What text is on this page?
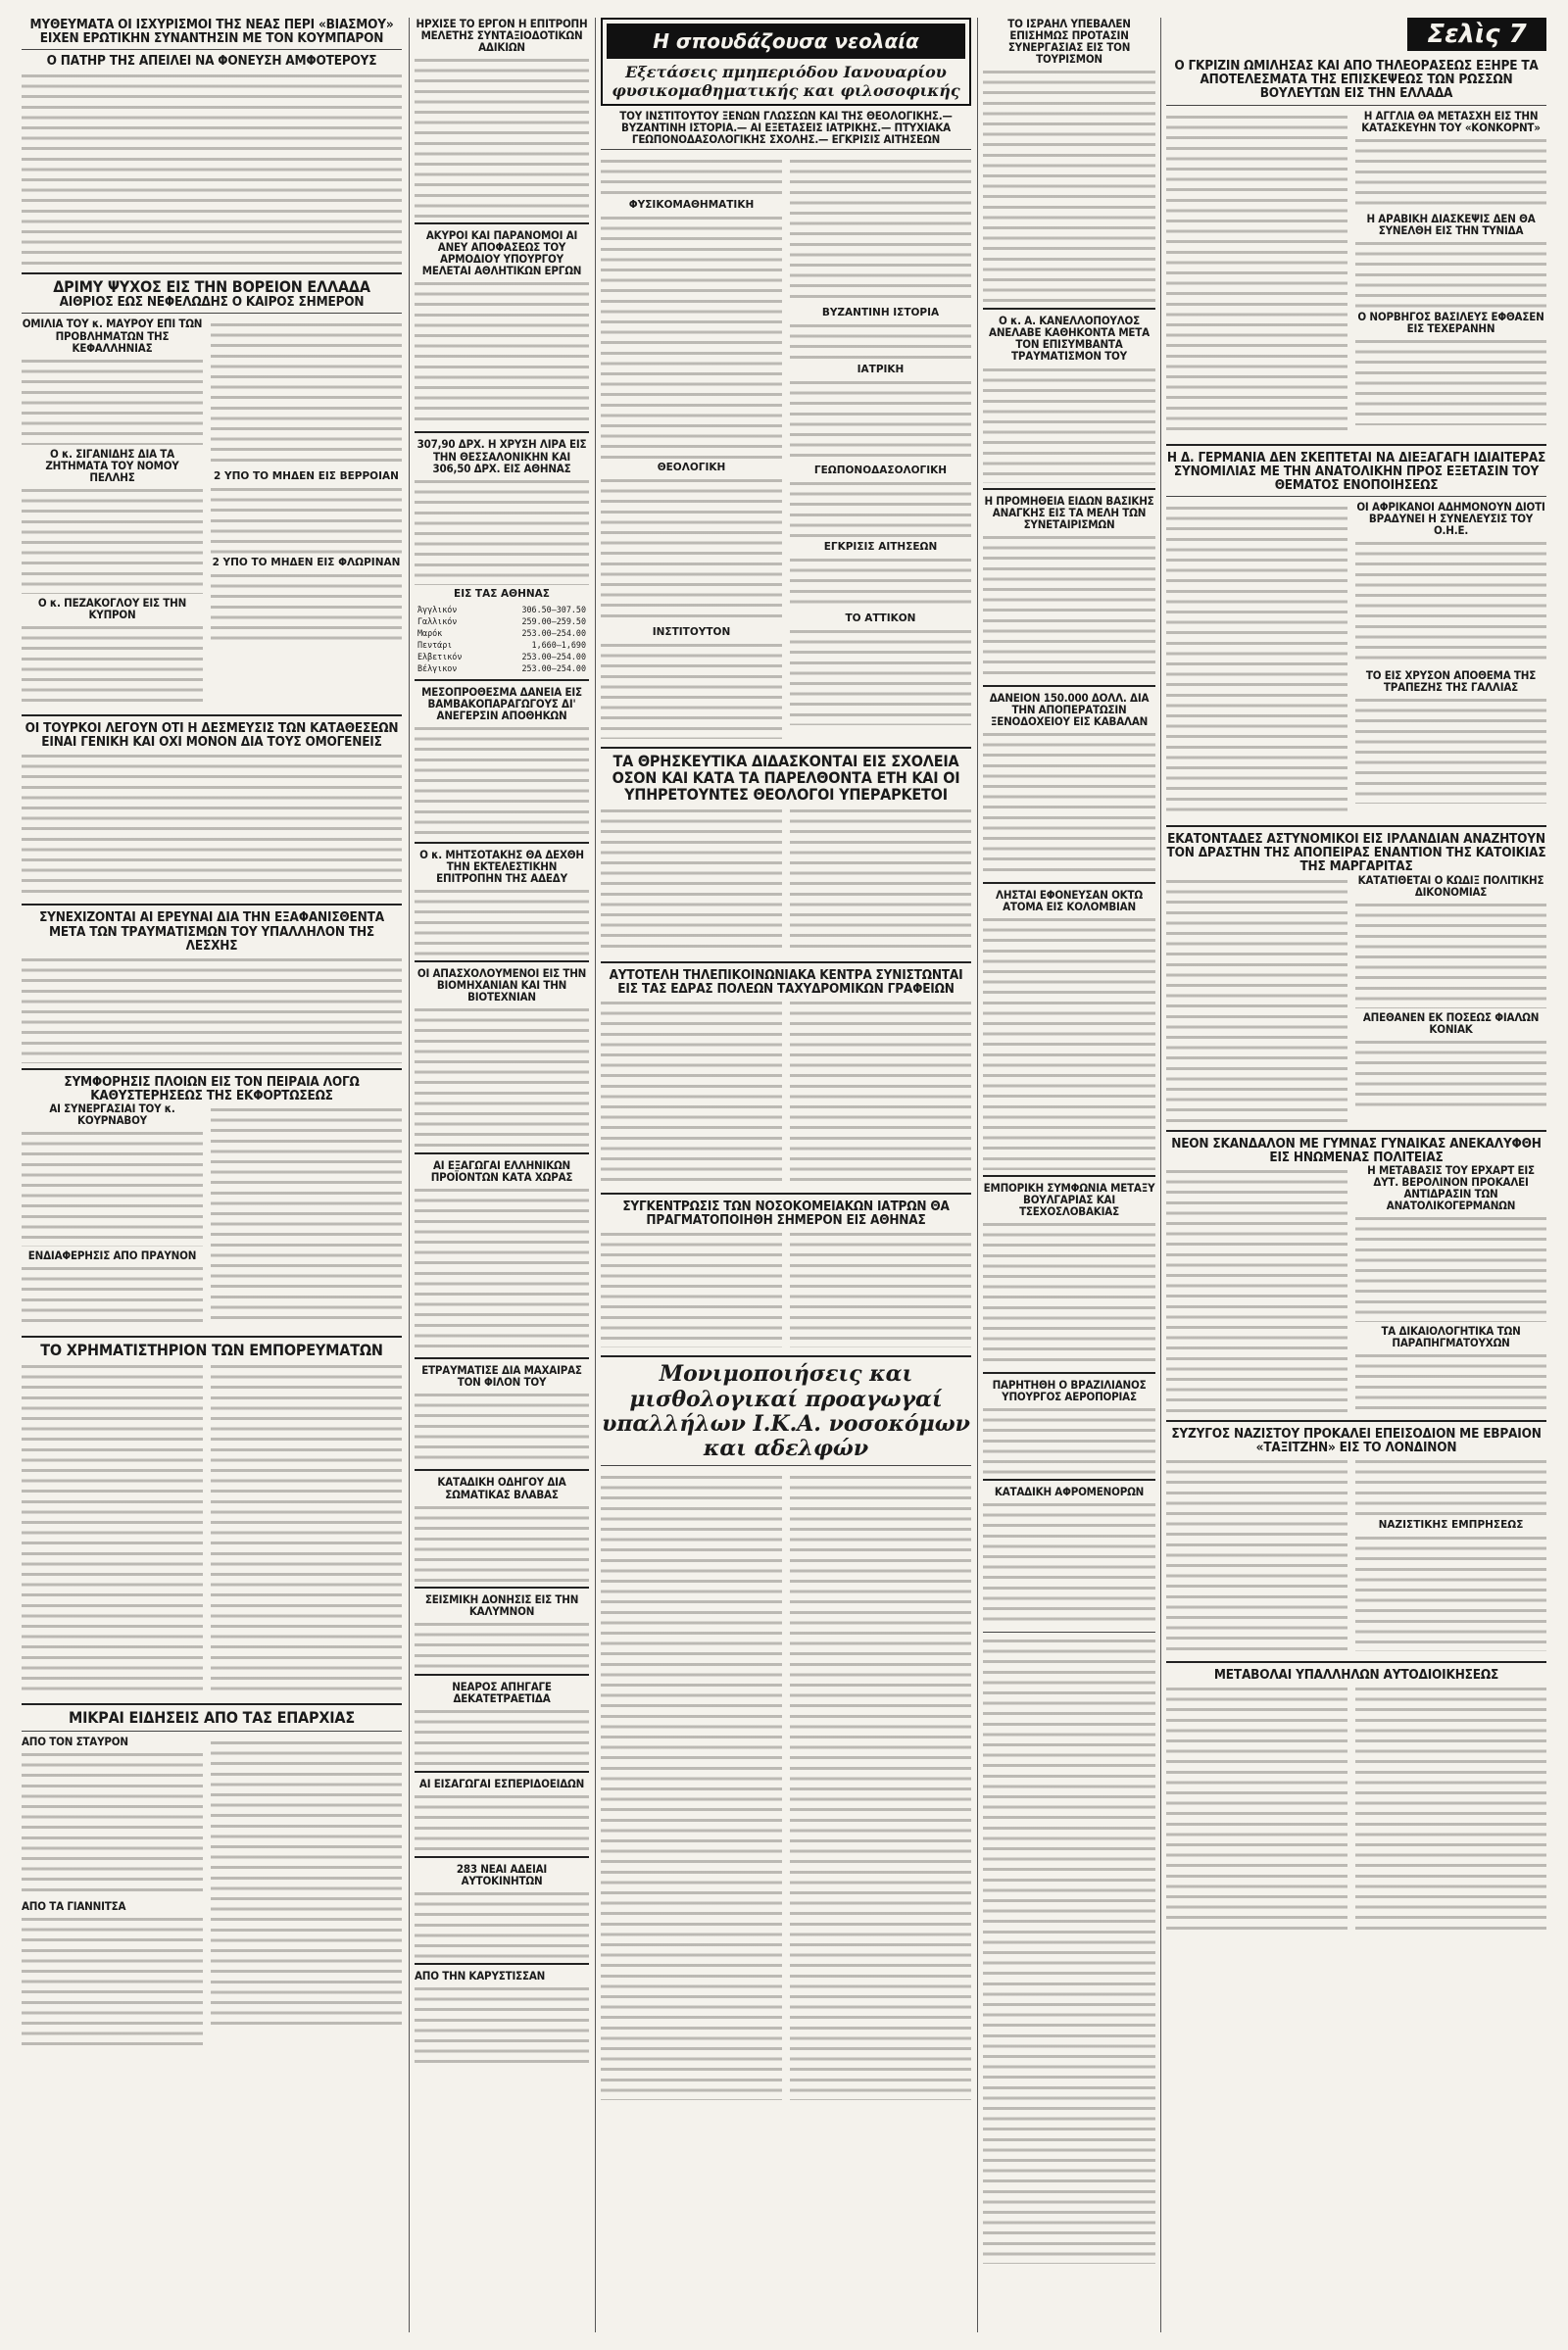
ΜΥΘΕΥΜΑΤΑ ΟΙ ΙΣΧΥΡΙΣΜΟΙ ΤΗΣ ΝΕΑΣ ΠΕΡΙ «ΒΙΑΣΜΟΥ» ΕΙΧΕΝ ΕΡΩΤΙΚΗΝ ΣΥΝΑΝΤΗΣΙΝ ΜΕ ΤΟΝ ΚΟΥΜΠΑΡΟΝ
Ο ΠΑΤΗΡ ΤΗΣ ΑΠΕΙΛΕΙ ΝΑ ΦΟΝΕΥΣΗ ΑΜΦΟΤΕΡΟΥΣ
ΔΡΙΜΥ ΨΥΧΟΣ ΕΙΣ ΤΗΝ ΒΟΡΕΙΟΝ ΕΛΛΑΔΑ
ΑΙΘΡΙΟΣ ΕΩΣ ΝΕΦΕΛΩΔΗΣ Ο ΚΑΙΡΟΣ ΣΗΜΕΡΟΝ
ΟΜΙΛΙΑ ΤΟΥ κ. ΜΑΥΡΟΥ ΕΠΙ ΤΩΝ ΠΡΟΒΛΗΜΑΤΩΝ ΤΗΣ ΚΕΦΑΛΛΗΝΙΑΣ
Ο κ. ΣΙΓΑΝΙΔΗΣ ΔΙΑ ΤΑ ΖΗΤΗΜΑΤΑ ΤΟΥ ΝΟΜΟΥ ΠΕΛΛΗΣ
Ο κ. ΠΕΖΑΚΟΓΛΟΥ ΕΙΣ ΤΗΝ ΚΥΠΡΟΝ
2 ΥΠΟ ΤΟ ΜΗΔΕΝ ΕΙΣ ΒΕΡΡΟΙΑΝ
2 ΥΠΟ ΤΟ ΜΗΔΕΝ ΕΙΣ ΦΛΩΡΙΝΑΝ
ΟΙ ΤΟΥΡΚΟΙ ΛΕΓΟΥΝ ΟΤΙ Η ΔΕΣΜΕΥΣΙΣ ΤΩΝ ΚΑΤΑΘΕΣΕΩΝ ΕΙΝΑΙ ΓΕΝΙΚΗ ΚΑΙ ΟΧΙ ΜΟΝΟΝ ΔΙΑ ΤΟΥΣ ΟΜΟΓΕΝΕΙΣ
ΣΥΝΕΧΙΖΟΝΤΑΙ ΑΙ ΕΡΕΥΝΑΙ ΔΙΑ ΤΗΝ ΕΞΑΦΑΝΙΣΘΕΝΤΑ ΜΕΤΑ ΤΩΝ ΤΡΑΥΜΑΤΙΣΜΩΝ ΤΟΥ ΥΠΑΛΛΗΛΟΝ ΤΗΣ ΛΕΣΧΗΣ
ΣΥΜΦΟΡΗΣΙΣ ΠΛΟΙΩΝ ΕΙΣ ΤΟΝ ΠΕΙΡΑΙΑ ΛΟΓΩ ΚΑΘΥΣΤΕΡΗΣΕΩΣ ΤΗΣ ΕΚΦΟΡΤΩΣΕΩΣ
ΑΙ ΣΥΝΕΡΓΑΣΙΑΙ ΤΟΥ κ. ΚΟΥΡΝΑΒΟΥ
ΕΝΔΙΑΦΕΡΗΣΙΣ ΑΠΟ ΠΡΑΥΝΟΝ
ΤΟ ΧΡΗΜΑΤΙΣΤΗΡΙΟΝ ΤΩΝ ΕΜΠΟΡΕΥΜΑΤΩΝ
ΜΙΚΡΑΙ ΕΙΔΗΣΕΙΣ ΑΠΟ ΤΑΣ ΕΠΑΡΧΙΑΣ
ΑΠΟ ΤΟΝ ΣΤΑΥΡΟΝ
ΑΠΟ ΤΑ ΓΙΑΝΝΙΤΣΑ
ΗΡΧΙΣΕ ΤΟ ΕΡΓΟΝ Η ΕΠΙΤΡΟΠΗ ΜΕΛΕΤΗΣ ΣΥΝΤΑΞΙΟΔΟΤΙΚΩΝ ΑΔΙΚΙΩΝ
ΑΚΥΡΟΙ ΚΑΙ ΠΑΡΑΝΟΜΟΙ ΑΙ ΑΝΕΥ ΑΠΟΦΑΣΕΩΣ ΤΟΥ ΑΡΜΟΔΙΟΥ ΥΠΟΥΡΓΟΥ ΜΕΛΕΤΑΙ ΑΘΛΗΤΙΚΩΝ ΕΡΓΩΝ
307,90 ΔΡΧ. Η ΧΡΥΣΗ ΛΙΡΑ ΕΙΣ ΤΗΝ ΘΕΣΣΑΛΟΝΙΚΗΝ ΚΑΙ 306,50 ΔΡΧ. ΕΙΣ ΑΘΗΝΑΣ
ΕΙΣ ΤΑΣ ΑΘΗΝΑΣ
Άγγλικόν	306.50—307.50
Γαλλικόν	259.00—259.50
Μαρόκ	253.00—254.00
Πεντάρι	1,660—1,690
Ελβετικόν	253.00—254.00
Βέλγικον	253.00—254.00
ΜΕΣΟΠΡΟΘΕΣΜΑ ΔΑΝΕΙΑ ΕΙΣ ΒΑΜΒΑΚΟΠΑΡΑΓΩΓΟΥΣ ΔΙ' ΑΝΕΓΕΡΣΙΝ ΑΠΟΘΗΚΩΝ
Ο κ. ΜΗΤΣΟΤΑΚΗΣ ΘΑ ΔΕΧΘΗ ΤΗΝ ΕΚΤΕΛΕΣΤΙΚΗΝ ΕΠΙΤΡΟΠΗΝ ΤΗΣ ΑΔΕΔΥ
ΟΙ ΑΠΑΣΧΟΛΟΥΜΕΝΟΙ ΕΙΣ ΤΗΝ ΒΙΟΜΗΧΑΝΙΑΝ ΚΑΙ ΤΗΝ ΒΙΟΤΕΧΝΙΑΝ
ΑΙ ΕΞΑΓΩΓΑΙ ΕΛΛΗΝΙΚΩΝ ΠΡΟΪΟΝΤΩΝ ΚΑΤΑ ΧΩΡΑΣ
ΕΤΡΑΥΜΑΤΙΣΕ ΔΙΑ ΜΑΧΑΙΡΑΣ ΤΟΝ ΦΙΛΟΝ ΤΟΥ
ΚΑΤΑΔΙΚΗ ΟΔΗΓΟΥ ΔΙΑ ΣΩΜΑΤΙΚΑΣ ΒΛΑΒΑΣ
ΣΕΙΣΜΙΚΗ ΔΟΝΗΣΙΣ ΕΙΣ ΤΗΝ ΚΑΛΥΜΝΟΝ
ΝΕΑΡΟΣ ΑΠΗΓΑΓΕ ΔΕΚΑΤΕΤΡΑΕΤΙΔΑ
ΑΙ ΕΙΣΑΓΩΓΑΙ ΕΣΠΕΡΙΔΟΕΙΔΩΝ
283 ΝΕΑΙ ΑΔΕΙΑΙ ΑΥΤΟΚΙΝΗΤΩΝ
ΑΠΟ ΤΗΝ ΚΑΡΥΣΤΙΣΣΑΝ
Η σπουδάζουσα νεολαία
Εξετάσεις πμηπεριόδου Ιανουαρίου φυσικομαθηματικής και φιλοσοφικής
ΤΟΥ ΙΝΣΤΙΤΟΥΤΟΥ ΞΕΝΩΝ ΓΛΩΣΣΩΝ ΚΑΙ ΤΗΣ ΘΕΟΛΟΓΙΚΗΣ.— ΒΥΖΑΝΤΙΝΗ ΙΣΤΟΡΙΑ.— ΑΙ ΕΞΕΤΑΣΕΙΣ ΙΑΤΡΙΚΗΣ.— ΠΤΥΧΙΑΚΑ ΓΕΩΠΟΝΟΔΑΣΟΛΟΓΙΚΗΣ ΣΧΟΛΗΣ.— ΕΓΚΡΙΣΙΣ ΑΙΤΗΣΕΩΝ
ΦΥΣΙΚΟΜΑΘΗΜΑΤΙΚΗ
ΘΕΟΛΟΓΙΚΗ
ΙΝΣΤΙΤΟΥΤΟΝ
ΒΥΖΑΝΤΙΝΗ ΙΣΤΟΡΙΑ
ΙΑΤΡΙΚΗ
ΓΕΩΠΟΝΟΔΑΣΟΛΟΓΙΚΗ
ΕΓΚΡΙΣΙΣ ΑΙΤΗΣΕΩΝ
ΤΟ ΑΤΤΙΚΟΝ
ΤΑ ΘΡΗΣΚΕΥΤΙΚΑ ΔΙΔΑΣΚΟΝΤΑΙ ΕΙΣ ΣΧΟΛΕΙΑ ΟΣΟΝ ΚΑΙ ΚΑΤΑ ΤΑ ΠΑΡΕΛΘΟΝΤΑ ΕΤΗ ΚΑΙ ΟΙ ΥΠΗΡΕΤΟΥΝΤΕΣ ΘΕΟΛΟΓΟΙ ΥΠΕΡΑΡΚΕΤΟΙ
ΑΥΤΟΤΕΛΗ ΤΗΛΕΠΙΚΟΙΝΩΝΙΑΚΑ ΚΕΝΤΡΑ ΣΥΝΙΣΤΩΝΤΑΙ ΕΙΣ ΤΑΣ ΕΔΡΑΣ ΠΟΛΕΩΝ ΤΑΧΥΔΡΟΜΙΚΩΝ ΓΡΑΦΕΙΩΝ
ΣΥΓΚΕΝΤΡΩΣΙΣ ΤΩΝ ΝΟΣΟΚΟΜΕΙΑΚΩΝ ΙΑΤΡΩΝ ΘΑ ΠΡΑΓΜΑΤΟΠΟΙΗΘΗ ΣΗΜΕΡΟΝ ΕΙΣ ΑΘΗΝΑΣ
Μονιμοποιήσεις και μισθολογικαί προαγωγαί υπαλλήλων Ι.Κ.Α. νοσοκόμων και αδελφών
ΤΟ ΙΣΡΑΗΛ ΥΠΕΒΑΛΕΝ ΕΠΙΣΗΜΩΣ ΠΡΟΤΑΣΙΝ ΣΥΝΕΡΓΑΣΙΑΣ ΕΙΣ ΤΟΝ ΤΟΥΡΙΣΜΟΝ
Ο κ. Α. ΚΑΝΕΛΛΟΠΟΥΛΟΣ ΑΝΕΛΑΒΕ ΚΑΘΗΚΟΝΤΑ ΜΕΤΑ ΤΟΝ ΕΠΙΣΥΜΒΑΝΤΑ ΤΡΑΥΜΑΤΙΣΜΟΝ ΤΟΥ
Η ΠΡΟΜΗΘΕΙΑ ΕΙΔΩΝ ΒΑΣΙΚΗΣ ΑΝΑΓΚΗΣ ΕΙΣ ΤΑ ΜΕΛΗ ΤΩΝ ΣΥΝΕΤΑΙΡΙΣΜΩΝ
ΔΑΝΕΙΟΝ 150.000 ΔΟΛΛ. ΔΙΑ ΤΗΝ ΑΠΟΠΕΡΑΤΩΣΙΝ ΞΕΝΟΔΟΧΕΙΟΥ ΕΙΣ ΚΑΒΑΛΑΝ
ΛΗΣΤΑΙ ΕΦΟΝΕΥΣΑΝ ΟΚΤΩ ΑΤΟΜΑ ΕΙΣ ΚΟΛΟΜΒΙΑΝ
ΕΜΠΟΡΙΚΗ ΣΥΜΦΩΝΙΑ ΜΕΤΑΞΥ ΒΟΥΛΓΑΡΙΑΣ ΚΑΙ ΤΣΕΧΟΣΛΟΒΑΚΙΑΣ
ΠΑΡΗΤΗΘΗ Ο ΒΡΑΖΙΛΙΑΝΟΣ ΥΠΟΥΡΓΟΣ ΑΕΡΟΠΟΡΙΑΣ
ΚΑΤΑΔΙΚΗ ΑΦΡΟΜΕΝΟΡΩΝ
Σελὶς 7
Ο ΓΚΡΙΖΙΝ ΩΜΙΛΗΣΑΣ ΚΑΙ ΑΠΟ ΤΗΛΕΟΡΑΣΕΩΣ ΕΞΗΡΕ ΤΑ ΑΠΟΤΕΛΕΣΜΑΤΑ ΤΗΣ ΕΠΙΣΚΕΨΕΩΣ ΤΩΝ ΡΩΣΣΩΝ ΒΟΥΛΕΥΤΩΝ ΕΙΣ ΤΗΝ ΕΛΛΑΔΑ
Η ΑΓΓΛΙΑ ΘΑ ΜΕΤΑΣΧΗ ΕΙΣ ΤΗΝ ΚΑΤΑΣΚΕΥΗΝ ΤΟΥ «ΚΟΝΚΟΡΝΤ»
Η ΑΡΑΒΙΚΗ ΔΙΑΣΚΕΨΙΣ ΔΕΝ ΘΑ ΣΥΝΕΛΘΗ ΕΙΣ ΤΗΝ ΤΥΝΙΔΑ
Ο ΝΟΡΒΗΓΟΣ ΒΑΣΙΛΕΥΣ ΕΦΘΑΣΕΝ ΕΙΣ ΤΕΧΕΡΑΝΗΝ
Η Δ. ΓΕΡΜΑΝΙΑ ΔΕΝ ΣΚΕΠΤΕΤΑΙ ΝΑ ΔΙΕΞΑΓΑΓΗ ΙΔΙΑΙΤΕΡΑΣ ΣΥΝΟΜΙΛΙΑΣ ΜΕ ΤΗΝ ΑΝΑΤΟΛΙΚΗΝ ΠΡΟΣ ΕΞΕΤΑΣΙΝ ΤΟΥ ΘΕΜΑΤΟΣ ΕΝΟΠΟΙΗΣΕΩΣ
ΟΙ ΑΦΡΙΚΑΝΟΙ ΑΔΗΜΟΝΟΥΝ ΔΙΟΤΙ ΒΡΑΔΥΝΕΙ Η ΣΥΝΕΛΕΥΣΙΣ ΤΟΥ Ο.Η.Ε.
ΤΟ ΕΙΣ ΧΡΥΣΟΝ ΑΠΟΘΕΜΑ ΤΗΣ ΤΡΑΠΕΖΗΣ ΤΗΣ ΓΑΛΛΙΑΣ
ΕΚΑΤΟΝΤΑΔΕΣ ΑΣΤΥΝΟΜΙΚΟΙ ΕΙΣ ΙΡΛΑΝΔΙΑΝ ΑΝΑΖΗΤΟΥΝ ΤΟΝ ΔΡΑΣΤΗΝ ΤΗΣ ΑΠΟΠΕΙΡΑΣ ΕΝΑΝΤΙΟΝ ΤΗΣ ΚΑΤΟΙΚΙΑΣ ΤΗΣ ΜΑΡΓΑΡΙΤΑΣ
ΚΑΤΑΤΙΘΕΤΑΙ Ο ΚΩΔΙΞ ΠΟΛΙΤΙΚΗΣ ΔΙΚΟΝΟΜΙΑΣ
ΑΠΕΘΑΝΕΝ ΕΚ ΠΟΣΕΩΣ ΦΙΑΛΩΝ ΚΟΝΙΑΚ
ΝΕΟΝ ΣΚΑΝΔΑΛΟΝ ΜΕ ΓΥΜΝΑΣ ΓΥΝΑΙΚΑΣ ΑΝΕΚΑΛΥΦΘΗ ΕΙΣ ΗΝΩΜΕΝΑΣ ΠΟΛΙΤΕΙΑΣ
Η ΜΕΤΑΒΑΣΙΣ ΤΟΥ ΕΡΧΑΡΤ ΕΙΣ ΔΥΤ. ΒΕΡΟΛΙΝΟΝ ΠΡΟΚΑΛΕΙ ΑΝΤΙΔΡΑΣΙΝ ΤΩΝ ΑΝΑΤΟΛΙΚΟΓΕΡΜΑΝΩΝ
ΤΑ ΔΙΚΑΙΟΛΟΓΗΤΙΚΑ ΤΩΝ ΠΑΡΑΠΗΓΜΑΤΟΥΧΩΝ
ΣΥΖΥΓΟΣ ΝΑΖΙΣΤΟΥ ΠΡΟΚΑΛΕΙ ΕΠΕΙΣΟΔΙΟΝ ΜΕ ΕΒΡΑΙΟΝ «ΤΑΞΙΤΖΗΝ» ΕΙΣ ΤΟ ΛΟΝΔΙΝΟΝ
ΝΑΖΙΣΤΙΚΗΣ ΕΜΠΡΗΣΕΩΣ
ΜΕΤΑΒΟΛΑΙ ΥΠΑΛΛΗΛΩΝ ΑΥΤΟΔΙΟΙΚΗΣΕΩΣ
